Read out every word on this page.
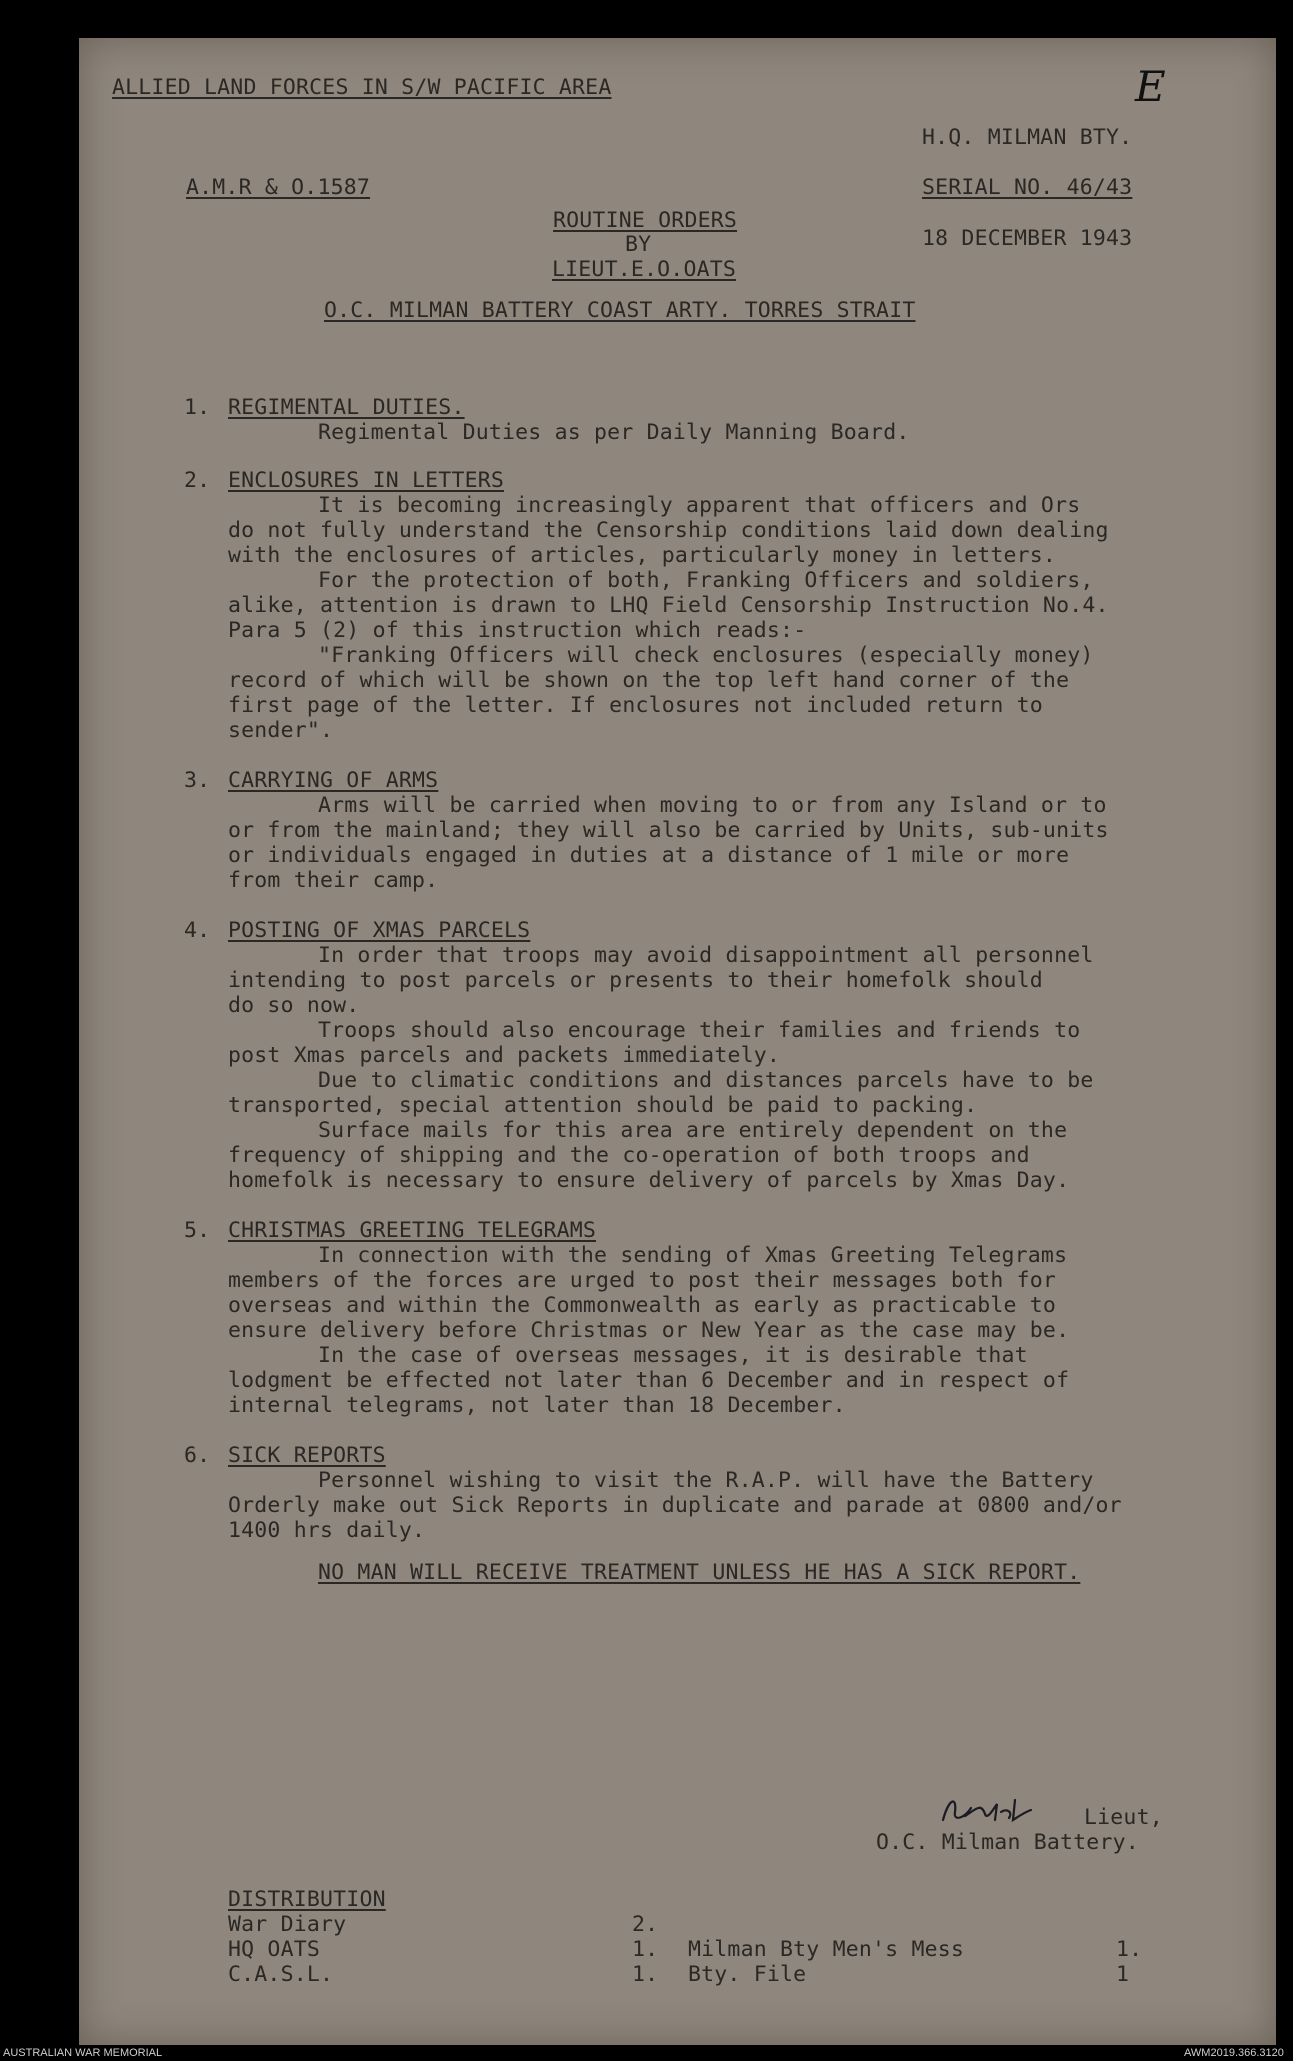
ALLIED LAND FORCES IN S/W PACIFIC AREA	E
H.Q. MILMAN BTY.
A.M.R & O.1587	SERIAL NO. 46/43
18 DECEMBER 1943
ROUTINE ORDERS
BY
LIEUT.E.O.OATS
O.C. MILMAN BATTERY COAST ARTY. TORRES STRAIT
1. REGIMENTAL DUTIES.
Regimental Duties as per Daily Manning Board.
2. ENCLOSURES IN LETTERS
It is becoming increasingly apparent that officers and Ors
do not fully understand the Censorship conditions laid down dealing
with the enclosures of articles, particularly money in letters.
For the protection of both, Franking Officers and soldiers,
alike, attention is drawn to LHQ Field Censorship Instruction No.4.
Para 5 (2) of this instruction which reads:-
"Franking Officers will check enclosures (especially money)
record of which will be shown on the top left hand corner of the
first page of the letter. If enclosures not included return to
sender".
3. CARRYING OF ARMS
Arms will be carried when moving to or from any Island or to
or from the mainland; they will also be carried by Units, sub-units
or individuals engaged in duties at a distance of 1 mile or more
from their camp.
4. POSTING OF XMAS PARCELS
In order that troops may avoid disappointment all personnel
intending to post parcels or presents to their homefolk should
do so now.
Troops should also encourage their families and friends to
post Xmas parcels and packets immediately.
Due to climatic conditions and distances parcels have to be
transported, special attention should be paid to packing.
Surface mails for this area are entirely dependent on the
frequency of shipping and the co-operation of both troops and
homefolk is necessary to ensure delivery of parcels by Xmas Day.
5. CHRISTMAS GREETING TELEGRAMS
In connection with the sending of Xmas Greeting Telegrams
members of the forces are urged to post their messages both for
overseas and within the Commonwealth as early as practicable to
ensure delivery before Christmas or New Year as the case may be.
In the case of overseas messages, it is desirable that
lodgment be effected not later than 6 December and in respect of
internal telegrams, not later than 18 December.
6. SICK REPORTS
Personnel wishing to visit the R.A.P. will have the Battery
Orderly make out Sick Reports in duplicate and parade at 0800 and/or
1400 hrs daily.
NO MAN WILL RECEIVE TREATMENT UNLESS HE HAS A SICK REPORT.
Lieut,
O.C. Milman Battery.
DISTRIBUTION
War Diary	2.
HQ OATS	1. Milman Bty Men's Mess	1.
C.A.S.L.	1. Bty. File	1
AUSTRALIAN WAR MEMORIAL	AWM2019.366.3120
